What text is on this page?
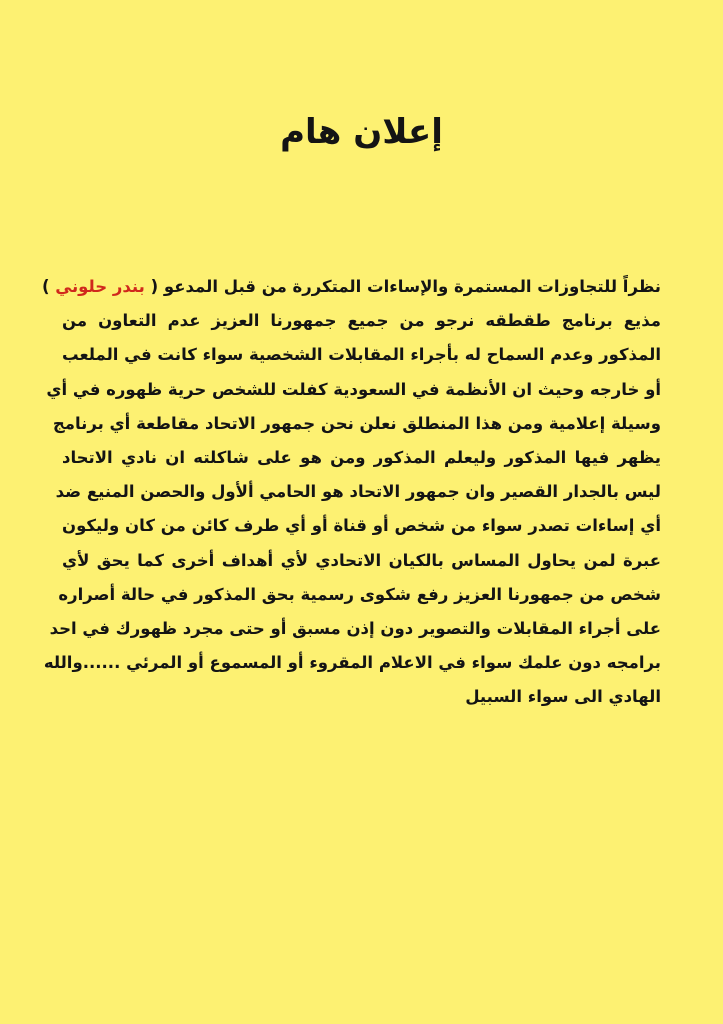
إعلان هام
نظراً للتجاوزات المستمرة والإساءات المتكررة من قبل المدعو ( بندر حلوني )
مذيع برنامج طقطقه نرجو من جميع جمهورنا العزيز عدم التعاون من
المذكور وعدم السماح له بأجراء المقابلات الشخصية سواء كانت في الملعب
أو خارجه وحيث ان الأنظمة في السعودية كفلت للشخص حرية ظهوره في أي
وسيلة إعلامية ومن هذا المنطلق نعلن نحن جمهور الاتحاد مقاطعة أي برنامج
يظهر فيها المذكور وليعلم المذكور ومن هو على شاكلته ان نادي الاتحاد
ليس بالجدار القصير وان جمهور الاتحاد هو الحامي ألأول والحصن المنيع ضد
أي إساءات تصدر سواء من شخص أو قناة أو أي طرف كائن من كان وليكون
عبرة لمن يحاول المساس بالكيان الاتحادي لأي أهداف أخرى كما يحق لأي
شخص من جمهورنا العزيز رفع شكوى رسمية بحق المذكور في حالة أصراره
على أجراء المقابلات والتصوير دون إذن مسبق أو حتى مجرد ظهورك في احد
برامجه دون علمك سواء في الاعلام المقروء أو المسموع أو المرئي ......والله
الهادي الى سواء السبيل
